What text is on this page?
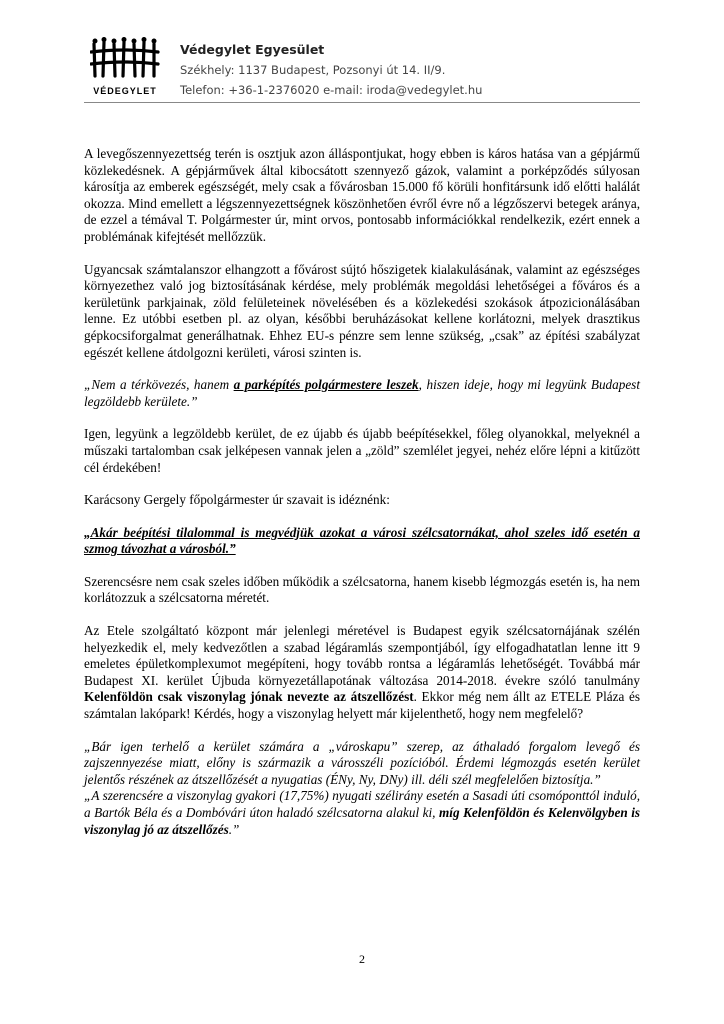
VÉDEGYLET
Védegylet Egyesület
Székhely: 1137 Budapest, Pozsonyi út 14. II/9.
Telefon: +36-1-2376020 e-mail: iroda@vedegylet.hu

A levegőszennyezettség terén is osztjuk azon álláspontjukat, hogy ebben is káros hatása van a gépjármű közlekedésnek. A gépjárművek által kibocsátott szennyező gázok, valamint a porképződés súlyosan károsítja az emberek egészségét, mely csak a fővárosban 15.000 fő körüli honfitársunk idő előtti halálát okozza. Mind emellett a légszennyezettségnek köszönhetően évről évre nő a légzőszervi betegek aránya, de ezzel a témával T. Polgármester úr, mint orvos, pontosabb információkkal rendelkezik, ezért ennek a problémának kifejtését mellőzzük.

Ugyancsak számtalanszor elhangzott a fővárost sújtó hőszigetek kialakulásának, valamint az egészséges környezethez való jog biztosításának kérdése, mely problémák megoldási lehetőségei a főváros és a kerületünk parkjainak, zöld felületeinek növelésében és a közlekedési szokások átpozicionálásában lenne. Ez utóbbi esetben pl. az olyan, későbbi beruházásokat kellene korlátozni, melyek drasztikus gépkocsiforgalmat generálhatnak. Ehhez EU-s pénzre sem lenne szükség, „csak” az építési szabályzat egészét kellene átdolgozni kerületi, városi szinten is.

„Nem a térkövezés, hanem a parképítés polgármestere leszek, hiszen ideje, hogy mi legyünk Budapest legzöldebb kerülete.”

Igen, legyünk a legzöldebb kerület, de ez újabb és újabb beépítésekkel, főleg olyanokkal, melyeknél a műszaki tartalomban csak jelképesen vannak jelen a „zöld” szemlélet jegyei, nehéz előre lépni a kitűzött cél érdekében!

Karácsony Gergely főpolgármester úr szavait is idéznénk:

„Akár beépítési tilalommal is megvédjük azokat a városi szélcsatornákat, ahol szeles idő esetén a szmog távozhat a városból.”

Szerencsésre nem csak szeles időben működik a szélcsatorna, hanem kisebb légmozgás esetén is, ha nem korlátozzuk a szélcsatorna méretét.

Az Etele szolgáltató központ már jelenlegi méretével is Budapest egyik szélcsatornájának szélén helyezkedik el, mely kedvezőtlen a szabad légáramlás szempontjából, így elfogadhatatlan lenne itt 9 emeletes épületkomplexumot megépíteni, hogy tovább rontsa a légáramlás lehetőségét. Továbbá már Budapest XI. kerület Újbuda környezetállapotának változása 2014-2018. évekre szóló tanulmány Kelenföldön csak viszonylag jónak nevezte az átszellőzést. Ekkor még nem állt az ETELE Pláza és számtalan lakópark! Kérdés, hogy a viszonylag helyett már kijelenthető, hogy nem megfelelő?

„Bár igen terhelő a kerület számára a „városkapu” szerep, az áthaladó forgalom levegő és zajszennyezése miatt, előny is származik a városszéli pozícióból. Érdemi légmozgás esetén kerület jelentős részének az átszellőzését a nyugatias (ÉNy, Ny, DNy) ill. déli szél megfelelően biztosítja.”

„A szerencsére a viszonylag gyakori (17,75%) nyugati szélirány esetén a Sasadi úti csomóponttól induló, a Bartók Béla és a Dombóvári úton haladó szélcsatorna alakul ki, míg Kelenföldön és Kelenvölgyben is viszonylag jó az átszellőzés.”

2
